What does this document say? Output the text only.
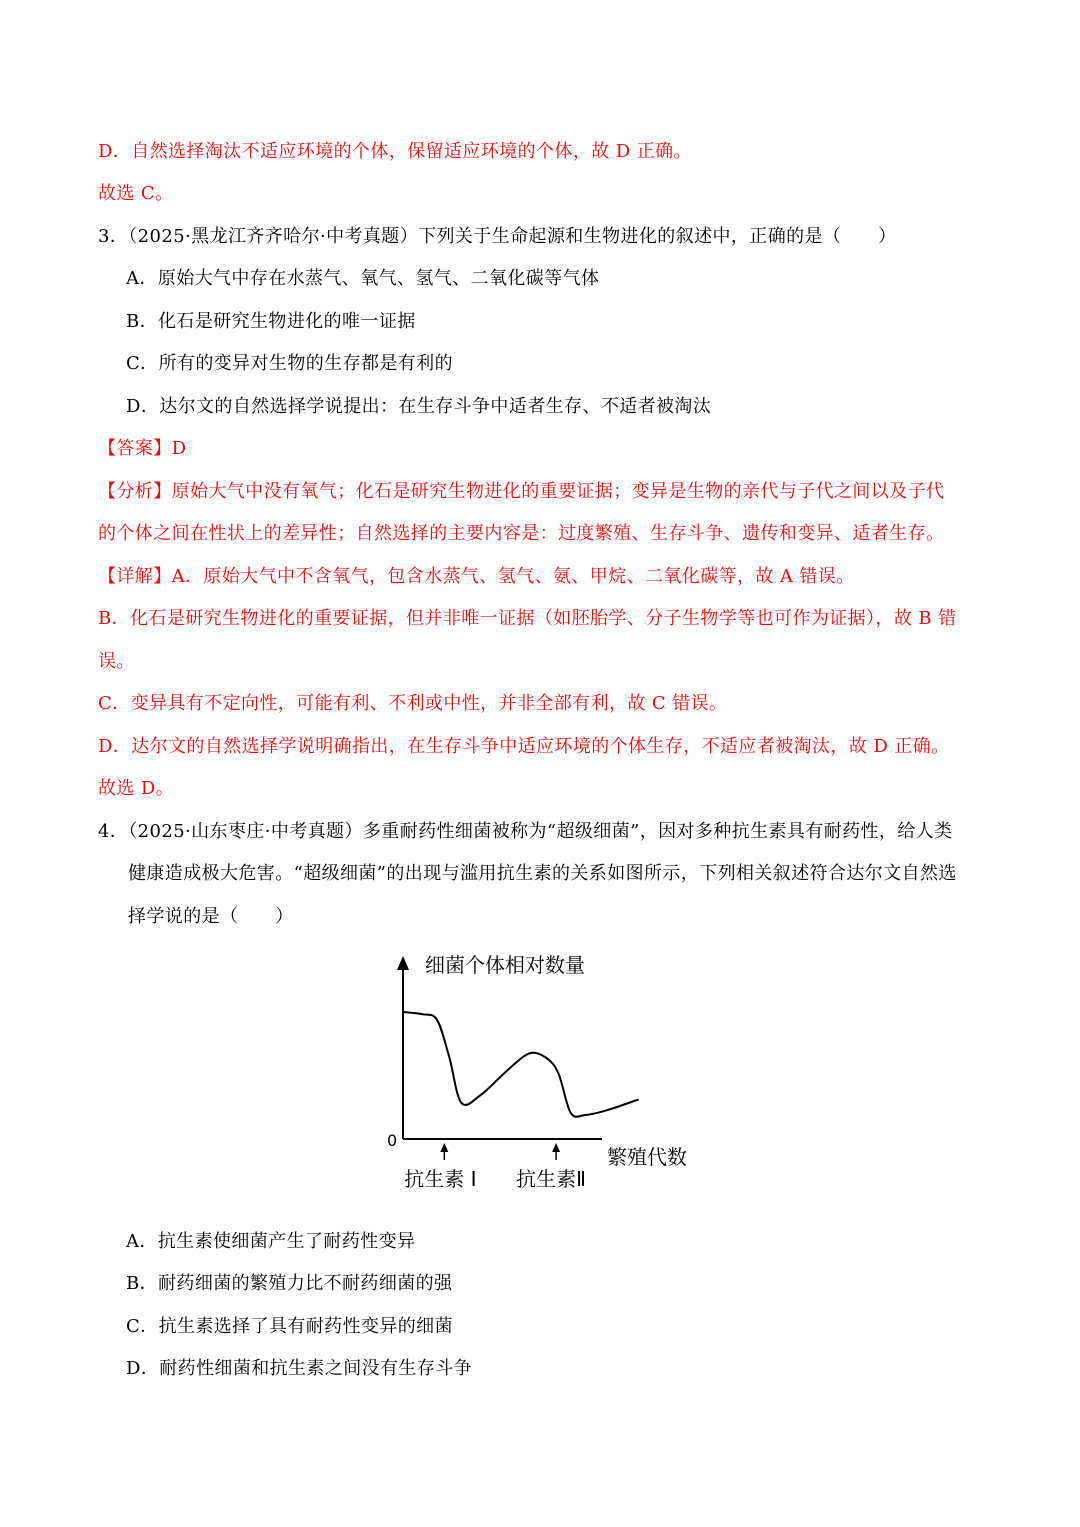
D．自然选择淘汰不适应环境的个体，保留适应环境的个体，故 D 正确。
故选 C。
3．（2025·黑龙江齐齐哈尔·中考真题）下列关于生命起源和生物进化的叙述中，正确的是（　　）
A．原始大气中存在水蒸气、氧气、氢气、二氧化碳等气体
B．化石是研究生物进化的唯一证据
C．所有的变异对生物的生存都是有利的
D．达尔文的自然选择学说提出：在生存斗争中适者生存、不适者被淘汰
【答案】D
【分析】原始大气中没有氧气；化石是研究生物进化的重要证据；变异是生物的亲代与子代之间以及子代
的个体之间在性状上的差异性；自然选择的主要内容是：过度繁殖、生存斗争、遗传和变异、适者生存。
【详解】A．原始大气中不含氧气，包含水蒸气、氢气、氨、甲烷、二氧化碳等，故 A 错误。
B．化石是研究生物进化的重要证据，但并非唯一证据（如胚胎学、分子生物学等也可作为证据），故 B 错
误。
C．变异具有不定向性，可能有利、不利或中性，并非全部有利，故 C 错误。
D．达尔文的自然选择学说明确指出，在生存斗争中适应环境的个体生存，不适应者被淘汰，故 D 正确。
故选 D。
4．（2025·山东枣庄·中考真题）多重耐药性细菌被称为“超级细菌”，因对多种抗生素具有耐药性，给人类
健康造成极大危害。“超级细菌”的出现与滥用抗生素的关系如图所示，下列相关叙述符合达尔文自然选
择学说的是（　　）
细菌个体相对数量
0
繁殖代数
抗生素 I 抗生素Ⅱ
A．抗生素使细菌产生了耐药性变异
B．耐药细菌的繁殖力比不耐药细菌的强
C．抗生素选择了具有耐药性变异的细菌
D．耐药性细菌和抗生素之间没有生存斗争
